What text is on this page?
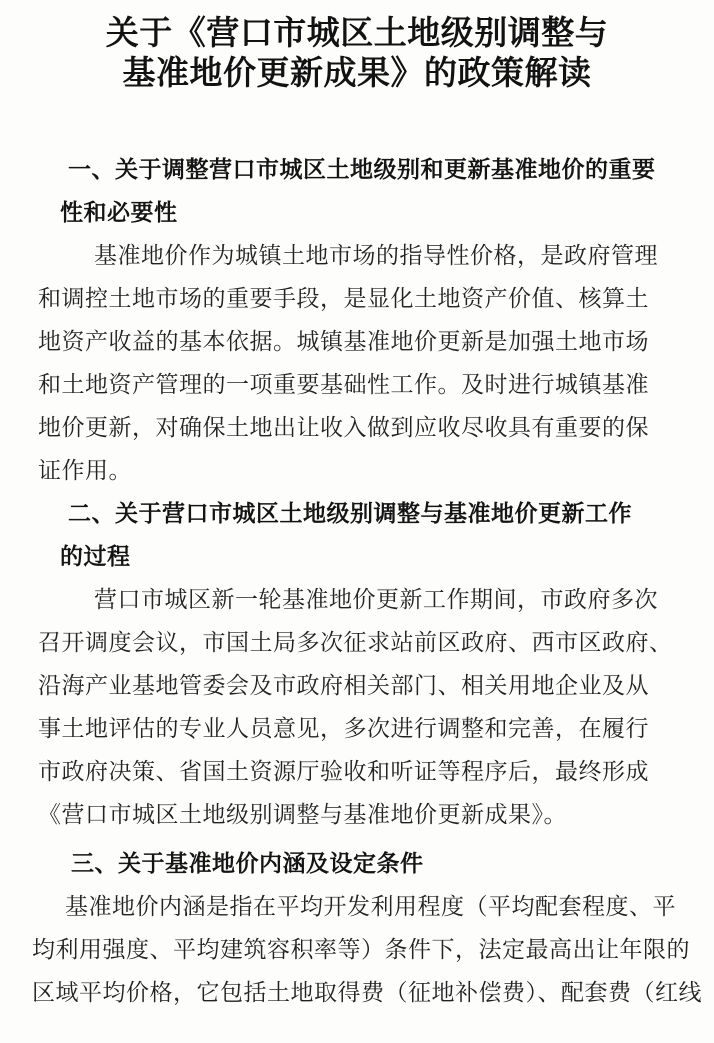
关于《营口市城区土地级别调整与
基准地价更新成果》的政策解读
一、关于调整营口市城区土地级别和更新基准地价的重要
性和必要性
基准地价作为城镇土地市场的指导性价格，是政府管理
和调控土地市场的重要手段，是显化土地资产价值、核算土
地资产收益的基本依据。城镇基准地价更新是加强土地市场
和土地资产管理的一项重要基础性工作。及时进行城镇基准
地价更新，对确保土地出让收入做到应收尽收具有重要的保
证作用。
二、关于营口市城区土地级别调整与基准地价更新工作
的过程
营口市城区新一轮基准地价更新工作期间，市政府多次
召开调度会议，市国土局多次征求站前区政府、西市区政府、
沿海产业基地管委会及市政府相关部门、相关用地企业及从
事土地评估的专业人员意见，多次进行调整和完善，在履行
市政府决策、省国土资源厅验收和听证等程序后，最终形成
《营口市城区土地级别调整与基准地价更新成果》。
三、关于基准地价内涵及设定条件
基准地价内涵是指在平均开发利用程度（平均配套程度、平
均利用强度、平均建筑容积率等）条件下，法定最高出让年限的
区域平均价格，它包括土地取得费（征地补偿费）、配套费（红线
